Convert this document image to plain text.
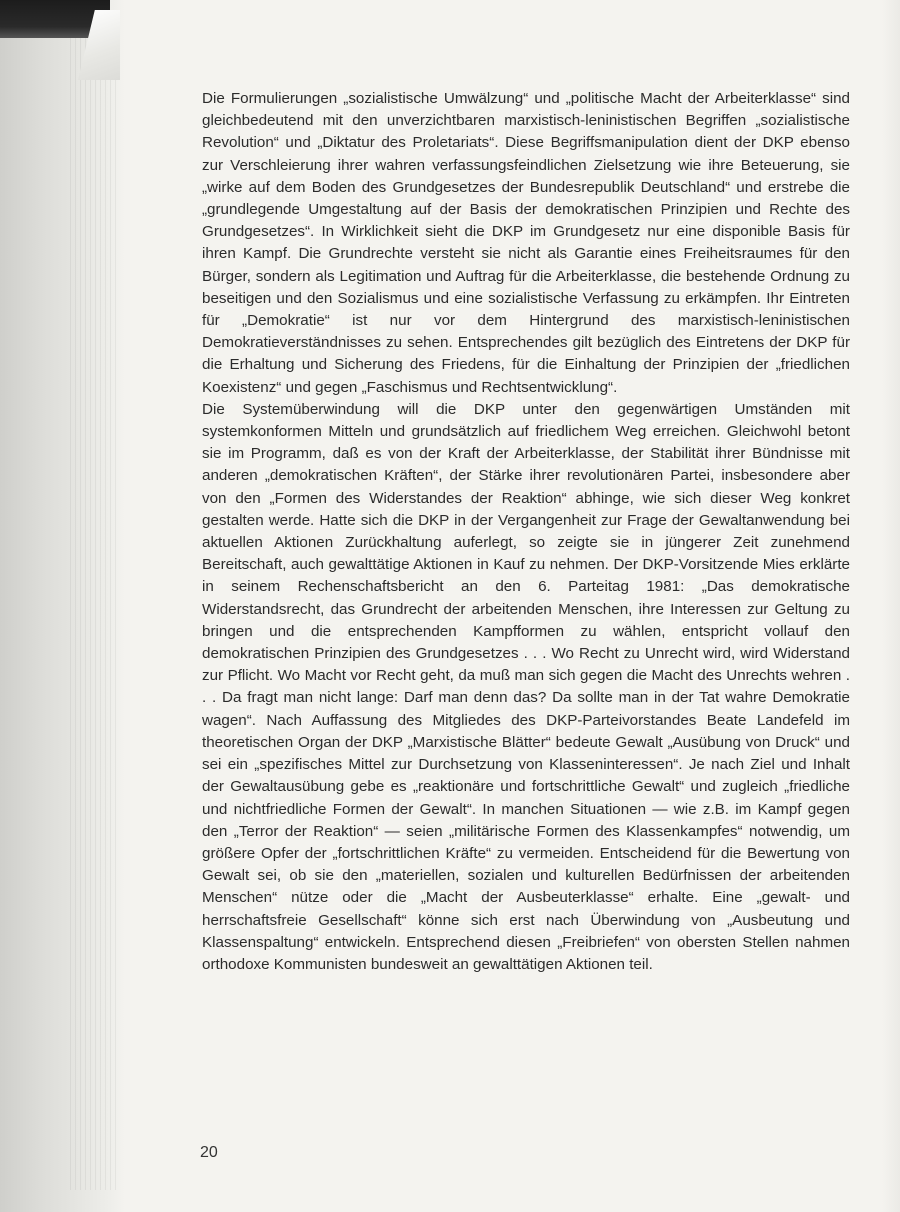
Die Formulierungen „sozialistische Umwälzung“ und „politische Macht der Arbeiterklasse“ sind gleichbedeutend mit den unverzichtbaren marxistisch-leninistischen Begriffen „sozialistische Revolution“ und „Diktatur des Proletariats“. Diese Begriffsmanipulation dient der DKP ebenso zur Verschleierung ihrer wahren verfassungsfeindlichen Zielsetzung wie ihre Beteuerung, sie „wirke auf dem Boden des Grundgesetzes der Bundesrepublik Deutschland“ und erstrebe die „grundlegende Umgestaltung auf der Basis der demokratischen Prinzipien und Rechte des Grundgesetzes“. In Wirklichkeit sieht die DKP im Grundgesetz nur eine disponible Basis für ihren Kampf. Die Grundrechte versteht sie nicht als Garantie eines Freiheitsraumes für den Bürger, sondern als Legitimation und Auftrag für die Arbeiterklasse, die bestehende Ordnung zu beseitigen und den Sozialismus und eine sozialistische Verfassung zu erkämpfen. Ihr Eintreten für „Demokratie“ ist nur vor dem Hintergrund des marxistisch-leninistischen Demokratieverständnisses zu sehen. Entsprechendes gilt bezüglich des Eintretens der DKP für die Erhaltung und Sicherung des Friedens, für die Einhaltung der Prinzipien der „friedlichen Koexistenz“ und gegen „Faschismus und Rechtsentwicklung“.

Die Systemüberwindung will die DKP unter den gegenwärtigen Umständen mit systemkonformen Mitteln und grundsätzlich auf friedlichem Weg erreichen. Gleichwohl betont sie im Programm, daß es von der Kraft der Arbeiterklasse, der Stabilität ihrer Bündnisse mit anderen „demokratischen Kräften“, der Stärke ihrer revolutionären Partei, insbesondere aber von den „Formen des Widerstandes der Reaktion“ abhinge, wie sich dieser Weg konkret gestalten werde. Hatte sich die DKP in der Vergangenheit zur Frage der Gewaltanwendung bei aktuellen Aktionen Zurückhaltung auferlegt, so zeigte sie in jüngerer Zeit zunehmend Bereitschaft, auch gewalttätige Aktionen in Kauf zu nehmen. Der DKP-Vorsitzende Mies erklärte in seinem Rechenschaftsbericht an den 6. Parteitag 1981: „Das demokratische Widerstandsrecht, das Grundrecht der arbeitenden Menschen, ihre Interessen zur Geltung zu bringen und die entsprechenden Kampfformen zu wählen, entspricht vollauf den demokratischen Prinzipien des Grundgesetzes . . . Wo Recht zu Unrecht wird, wird Widerstand zur Pflicht. Wo Macht vor Recht geht, da muß man sich gegen die Macht des Unrechts wehren . . . Da fragt man nicht lange: Darf man denn das? Da sollte man in der Tat wahre Demokratie wagen“. Nach Auffassung des Mitgliedes des DKP-Parteivorstandes Beate Landefeld im theoretischen Organ der DKP „Marxistische Blätter“ bedeute Gewalt „Ausübung von Druck“ und sei ein „spezifisches Mittel zur Durchsetzung von Klasseninteressen“. Je nach Ziel und Inhalt der Gewaltausübung gebe es „reaktionäre und fortschrittliche Gewalt“ und zugleich „friedliche und nichtfriedliche Formen der Gewalt“. In manchen Situationen — wie z.B. im Kampf gegen den „Terror der Reaktion“ — seien „militärische Formen des Klassenkampfes“ notwendig, um größere Opfer der „fortschrittlichen Kräfte“ zu vermeiden. Entscheidend für die Bewertung von Gewalt sei, ob sie den „materiellen, sozialen und kulturellen Bedürfnissen der arbeitenden Menschen“ nütze oder die „Macht der Ausbeuterklasse“ erhalte. Eine „gewalt- und herrschaftsfreie Gesellschaft“ könne sich erst nach Überwindung von „Ausbeutung und Klassenspaltung“ entwickeln. Entsprechend diesen „Freibriefen“ von obersten Stellen nahmen orthodoxe Kommunisten bundesweit an gewalttätigen Aktionen teil.

20
